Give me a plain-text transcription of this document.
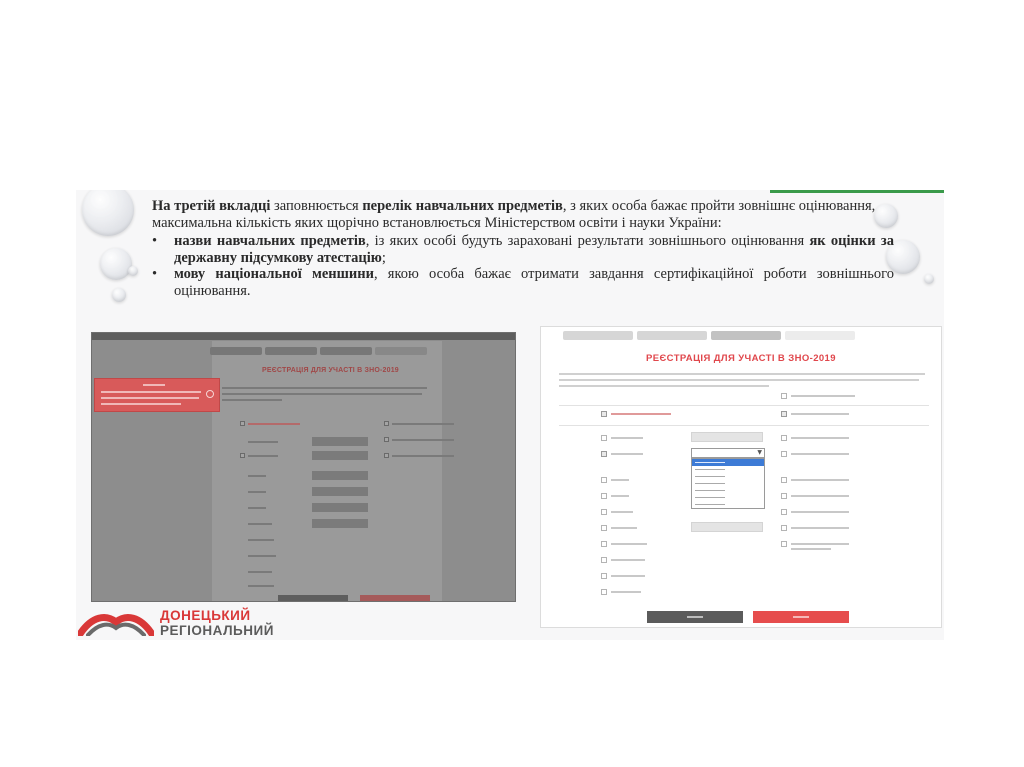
На третій вкладці заповнюється перелік навчальних предметів, з яких особа бажає пройти зовнішнє оцінювання, максимальна кількість яких щорічно встановлюється Міністерством освіти і науки України:

• назви навчальних предметів, із яких особі будуть зараховані результати зовнішнього оцінювання як оцінки за державну підсумкову атестацію;
• мову національної меншини, якою особа бажає отримати завдання сертифікаційної роботи зовнішнього оцінювання.
РЕЄСТРАЦІЯ ДЛЯ УЧАСТІ В ЗНО-2019
РЕЄСТРАЦІЯ ДЛЯ УЧАСТІ В ЗНО-2019
▼
ДОНЕЦЬКИЙ
РЕГІОНАЛЬНИЙ
